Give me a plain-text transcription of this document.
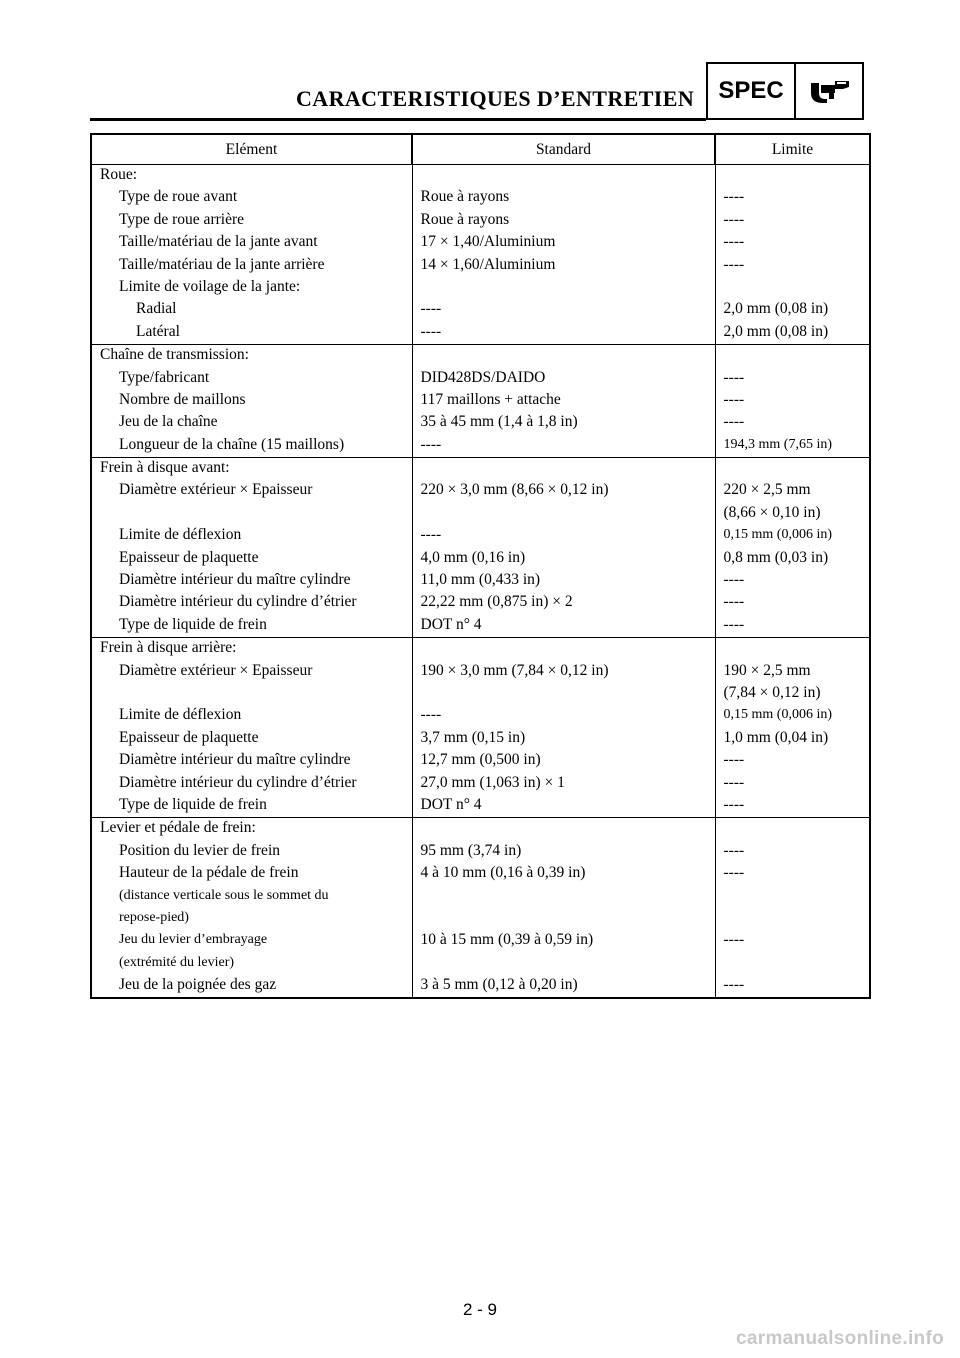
CARACTERISTIQUES D’ENTRETIEN	SPEC
Elément	Standard	Limite
Roue:		
Type de roue avant	Roue à rayons	----
Type de roue arrière	Roue à rayons	----
Taille/matériau de la jante avant	17 × 1,40/Aluminium	----
Taille/matériau de la jante arrière	14 × 1,60/Aluminium	----
Limite de voilage de la jante:		
Radial	----	2,0 mm (0,08 in)
Latéral	----	2,0 mm (0,08 in)
Chaîne de transmission:		
Type/fabricant	DID428DS/DAIDO	----
Nombre de maillons	117 maillons + attache	----
Jeu de la chaîne	35 à 45 mm (1,4 à 1,8 in)	----
Longueur de la chaîne (15 maillons)	----	194,3 mm (7,65 in)
Frein à disque avant:		
Diamètre extérieur × Epaisseur	220 × 3,0 mm (8,66 × 0,12 in)	220 × 2,5 mm
		(8,66 × 0,10 in)
Limite de déflexion	----	0,15 mm (0,006 in)
Epaisseur de plaquette	4,0 mm (0,16 in)	0,8 mm (0,03 in)
Diamètre intérieur du maître cylindre	11,0 mm (0,433 in)	----
Diamètre intérieur du cylindre d’étrier	22,22 mm (0,875 in) × 2	----
Type de liquide de frein	DOT n° 4	----
Frein à disque arrière:		
Diamètre extérieur × Epaisseur	190 × 3,0 mm (7,84 × 0,12 in)	190 × 2,5 mm
		(7,84 × 0,12 in)
Limite de déflexion	----	0,15 mm (0,006 in)
Epaisseur de plaquette	3,7 mm (0,15 in)	1,0 mm (0,04 in)
Diamètre intérieur du maître cylindre	12,7 mm (0,500 in)	----
Diamètre intérieur du cylindre d’étrier	27,0 mm (1,063 in) × 1	----
Type de liquide de frein	DOT n° 4	----
Levier et pédale de frein:		
Position du levier de frein	95 mm (3,74 in)	----
Hauteur de la pédale de frein	4 à 10 mm (0,16 à 0,39 in)	----
(distance verticale sous le sommet du		
repose-pied)		
Jeu du levier d’embrayage	10 à 15 mm (0,39 à 0,59 in)	----
(extrémité du levier)		
Jeu de la poignée des gaz	3 à 5 mm (0,12 à 0,20 in)	----
2 - 9
carmanualsonline.info
